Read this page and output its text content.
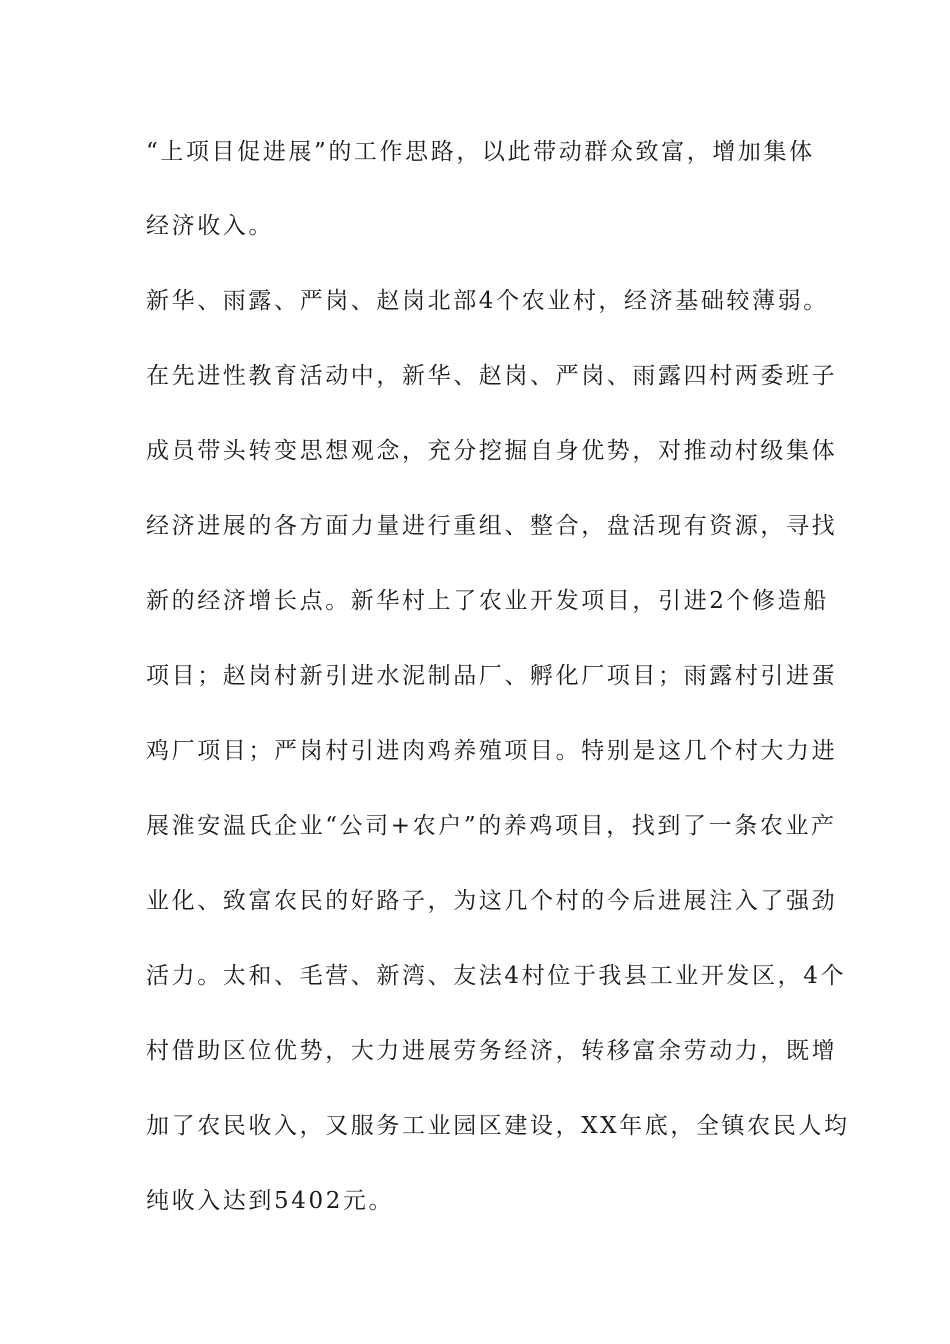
“上项目促进展”的工作思路，以此带动群众致富，增加集体
经济收入。
新华、雨露、严岗、赵岗北部4个农业村，经济基础较薄弱。
在先进性教育活动中，新华、赵岗、严岗、雨露四村两委班子
成员带头转变思想观念，充分挖掘自身优势，对推动村级集体
经济进展的各方面力量进行重组、整合，盘活现有资源，寻找
新的经济增长点。新华村上了农业开发项目，引进2个修造船
项目；赵岗村新引进水泥制品厂、孵化厂项目；雨露村引进蛋
鸡厂项目；严岗村引进肉鸡养殖项目。特别是这几个村大力进
展淮安温氏企业“公司+农户”的养鸡项目，找到了一条农业产
业化、致富农民的好路子，为这几个村的今后进展注入了强劲
活力。太和、毛营、新湾、友法4村位于我县工业开发区，4个
村借助区位优势，大力进展劳务经济，转移富余劳动力，既增
加了农民收入，又服务工业园区建设，XX年底，全镇农民人均
纯收入达到5402元。
